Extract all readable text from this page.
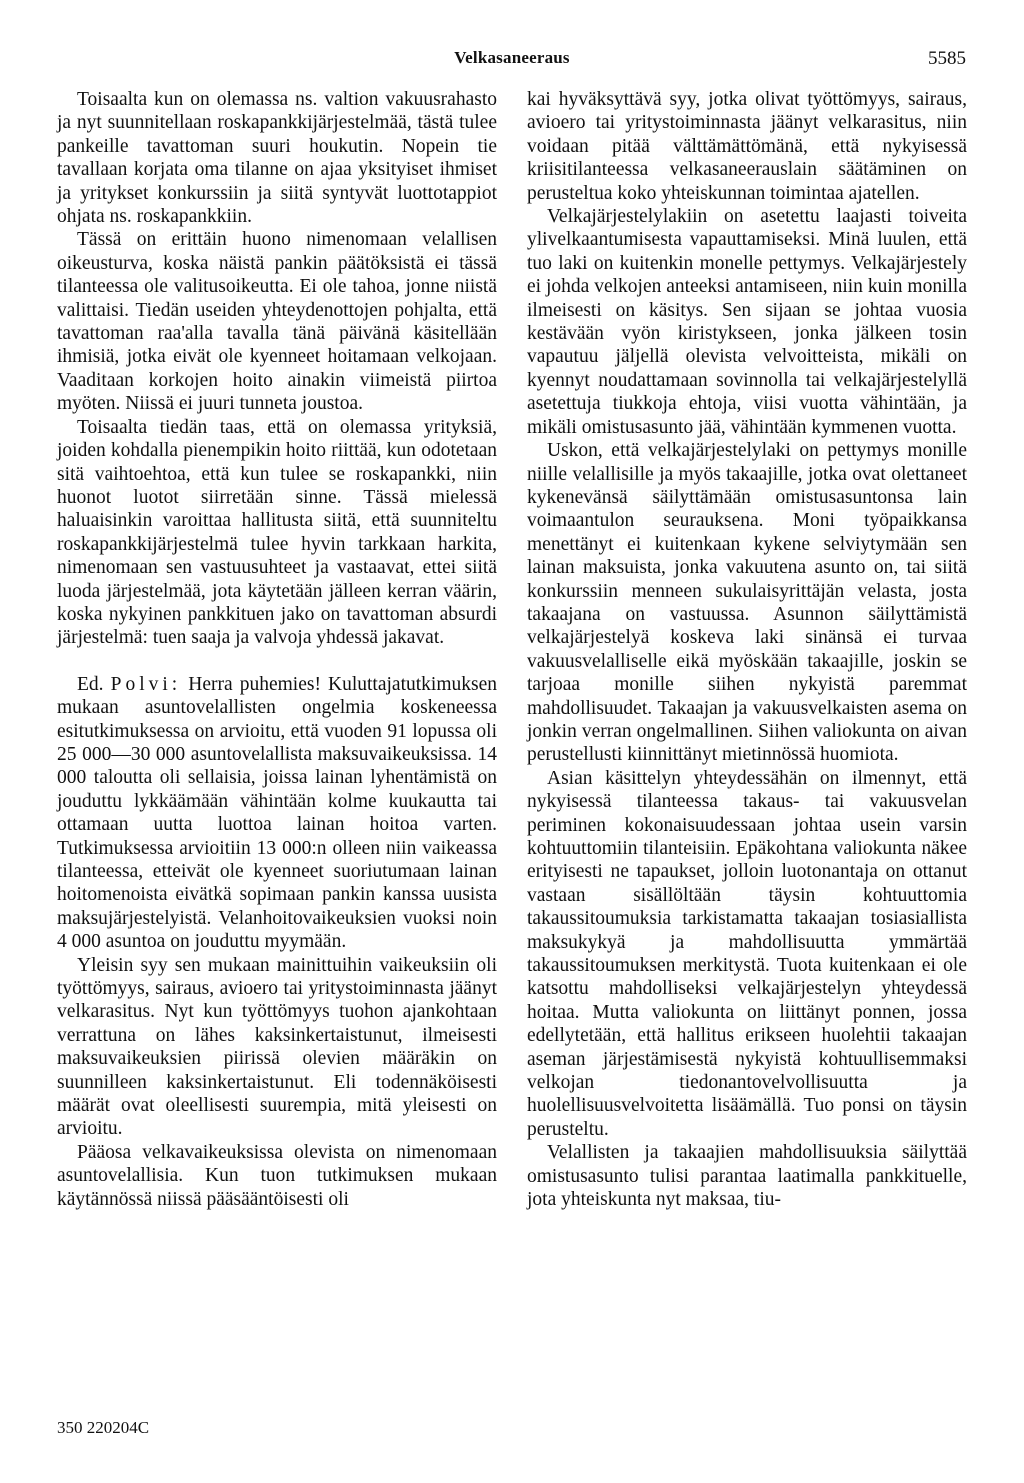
Velkasaneeraus	5585

Toisaalta kun on olemassa ns. valtion vakuusrahasto ja nyt suunnitellaan roskapankkijärjestelmää, tästä tulee pankeille tavattoman suuri houkutin. Nopein tie tavallaan korjata oma tilanne on ajaa yksityiset ihmiset ja yritykset konkurssiin ja siitä syntyvät luottotappiot ohjata ns. roskapankkiin.

Tässä on erittäin huono nimenomaan velallisen oikeusturva, koska näistä pankin päätöksistä ei tässä tilanteessa ole valitusoikeutta. Ei ole tahoa, jonne niistä valittaisi. Tiedän useiden yhteydenottojen pohjalta, että tavattoman raa'alla tavalla tänä päivänä käsitellään ihmisiä, jotka eivät ole kyenneet hoitamaan velkojaan. Vaaditaan korkojen hoito ainakin viimeistä piirtoa myöten. Niissä ei juuri tunneta joustoa.

Toisaalta tiedän taas, että on olemassa yrityksiä, joiden kohdalla pienempikin hoito riittää, kun odotetaan sitä vaihtoehtoa, että kun tulee se roskapankki, niin huonot luotot siirretään sinne. Tässä mielessä haluaisinkin varoittaa hallitusta siitä, että suunniteltu roskapankkijärjestelmä tulee hyvin tarkkaan harkita, nimenomaan sen vastuusuhteet ja vastaavat, ettei siitä luoda järjestelmää, jota käytetään jälleen kerran väärin, koska nykyinen pankkituen jako on tavattoman absurdi järjestelmä: tuen saaja ja valvoja yhdessä jakavat.

Ed. Polvi: Herra puhemies! Kuluttajatutkimuksen mukaan asuntovelallisten ongelmia koskeneessa esitutkimuksessa on arvioitu, että vuoden 91 lopussa oli 25 000—30 000 asuntovelallista maksuvaikeuksissa. 14 000 taloutta oli sellaisia, joissa lainan lyhentämistä on jouduttu lykkäämään vähintään kolme kuukautta tai ottamaan uutta luottoa lainan hoitoa varten. Tutkimuksessa arvioitiin 13 000:n olleen niin vaikeassa tilanteessa, etteivät ole kyenneet suoriutumaan lainan hoitomenoista eivätkä sopimaan pankin kanssa uusista maksujärjestelyistä. Velanhoitovaikeuksien vuoksi noin 4 000 asuntoa on jouduttu myymään.

Yleisin syy sen mukaan mainittuihin vaikeuksiin oli työttömyys, sairaus, avioero tai yritystoiminnasta jäänyt velkarasitus. Nyt kun työttömyys tuohon ajankohtaan verrattuna on lähes kaksinkertaistunut, ilmeisesti maksuvaikeuksien piirissä olevien määräkin on suunnilleen kaksinkertaistunut. Eli todennäköisesti määrät ovat oleellisesti suurempia, mitä yleisesti on arvioitu.

Pääosa velkavaikeuksissa olevista on nimenomaan asuntovelallisia. Kun tuon tutkimuksen mukaan käytännössä niissä pääsääntöisesti oli

kai hyväksyttävä syy, jotka olivat työttömyys, sairaus, avioero tai yritystoiminnasta jäänyt velkarasitus, niin voidaan pitää välttämättömänä, että nykyisessä kriisitilanteessa velkasaneerauslain säätäminen on perusteltua koko yhteiskunnan toimintaa ajatellen.

Velkajärjestelylakiin on asetettu laajasti toiveita ylivelkaantumisesta vapauttamiseksi. Minä luulen, että tuo laki on kuitenkin monelle pettymys. Velkajärjestely ei johda velkojen anteeksi antamiseen, niin kuin monilla ilmeisesti on käsitys. Sen sijaan se johtaa vuosia kestävään vyön kiristykseen, jonka jälkeen tosin vapautuu jäljellä olevista velvoitteista, mikäli on kyennyt noudattamaan sovinnolla tai velkajärjestelyllä asetettuja tiukkoja ehtoja, viisi vuotta vähintään, ja mikäli omistusasunto jää, vähintään kymmenen vuotta.

Uskon, että velkajärjestelylaki on pettymys monille niille velallisille ja myös takaajille, jotka ovat olettaneet kykenevänsä säilyttämään omistusasuntonsa lain voimaantulon seurauksena. Moni työpaikkansa menettänyt ei kuitenkaan kykene selviytymään sen lainan maksuista, jonka vakuutena asunto on, tai siitä konkurssiin menneen sukulaisyrittäjän velasta, josta takaajana on vastuussa. Asunnon säilyttämistä velkajärjestelyä koskeva laki sinänsä ei turvaa vakuusvelalliselle eikä myöskään takaajille, joskin se tarjoaa monille siihen nykyistä paremmat mahdollisuudet. Takaajan ja vakuusvelkaisten asema on jonkin verran ongelmallinen. Siihen valiokunta on aivan perustellusti kiinnittänyt mietinnössä huomiota.

Asian käsittelyn yhteydessähän on ilmennyt, että nykyisessä tilanteessa takaus- tai vakuusvelan periminen kokonaisuudessaan johtaa usein varsin kohtuuttomiin tilanteisiin. Epäkohtana valiokunta näkee erityisesti ne tapaukset, jolloin luotonantaja on ottanut vastaan sisällöltään täysin kohtuuttomia takaussitoumuksia tarkistamatta takaajan tosiasiallista maksukykyä ja mahdollisuutta ymmärtää takaussitoumuksen merkitystä. Tuota kuitenkaan ei ole katsottu mahdolliseksi velkajärjestelyn yhteydessä hoitaa. Mutta valiokunta on liittänyt ponnen, jossa edellytetään, että hallitus erikseen huolehtii takaajan aseman järjestämisestä nykyistä kohtuullisemmaksi velkojan tiedonantovelvollisuutta ja huolellisuusvelvoitetta lisäämällä. Tuo ponsi on täysin perusteltu.

Velallisten ja takaajien mahdollisuuksia säilyttää omistusasunto tulisi parantaa laatimalla pankkituelle, jota yhteiskunta nyt maksaa, tiu-

350 220204C
